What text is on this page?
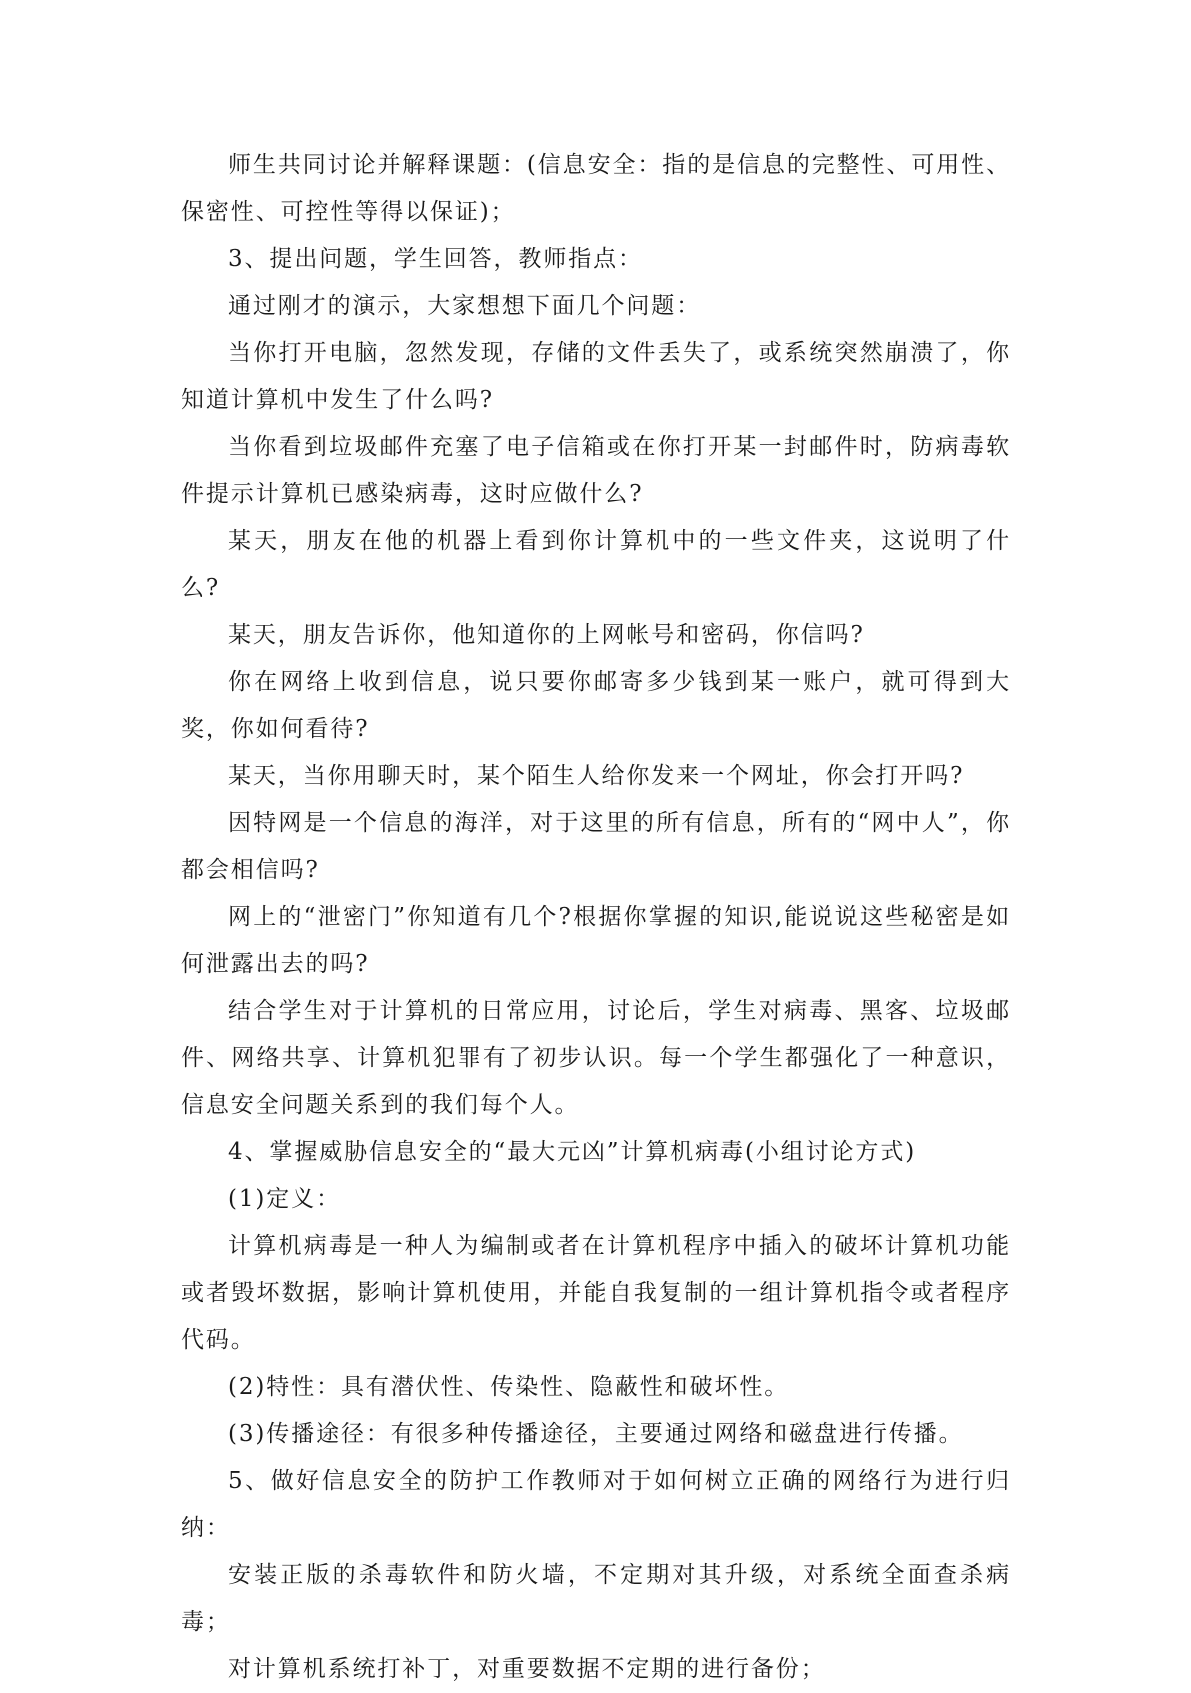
师生共同讨论并解释课题：(信息安全：指的是信息的完整性、可用性、保密性、可控性等得以保证)；

3、提出问题，学生回答，教师指点：

通过刚才的演示，大家想想下面几个问题：

当你打开电脑，忽然发现，存储的文件丢失了，或系统突然崩溃了，你知道计算机中发生了什么吗?

当你看到垃圾邮件充塞了电子信箱或在你打开某一封邮件时，防病毒软件提示计算机已感染病毒，这时应做什么?

某天，朋友在他的机器上看到你计算机中的一些文件夹，这说明了什么?

某天，朋友告诉你，他知道你的上网帐号和密码，你信吗?

你在网络上收到信息，说只要你邮寄多少钱到某一账户，就可得到大奖，你如何看待?

某天，当你用聊天时，某个陌生人给你发来一个网址，你会打开吗?

因特网是一个信息的海洋，对于这里的所有信息，所有的“网中人”，你都会相信吗?

网上的“泄密门”你知道有几个?根据你掌握的知识,能说说这些秘密是如何泄露出去的吗?

结合学生对于计算机的日常应用，讨论后，学生对病毒、黑客、垃圾邮件、网络共享、计算机犯罪有了初步认识。每一个学生都强化了一种意识，信息安全问题关系到的我们每个人。

4、掌握威胁信息安全的“最大元凶”计算机病毒(小组讨论方式)

(1)定义：

计算机病毒是一种人为编制或者在计算机程序中插入的破坏计算机功能或者毁坏数据，影响计算机使用，并能自我复制的一组计算机指令或者程序代码。

(2)特性：具有潜伏性、传染性、隐蔽性和破坏性。

(3)传播途径：有很多种传播途径，主要通过网络和磁盘进行传播。

5、做好信息安全的防护工作教师对于如何树立正确的网络行为进行归纳：

安装正版的杀毒软件和防火墙，不定期对其升级，对系统全面查杀病毒；

对计算机系统打补丁，对重要数据不定期的进行备份；
